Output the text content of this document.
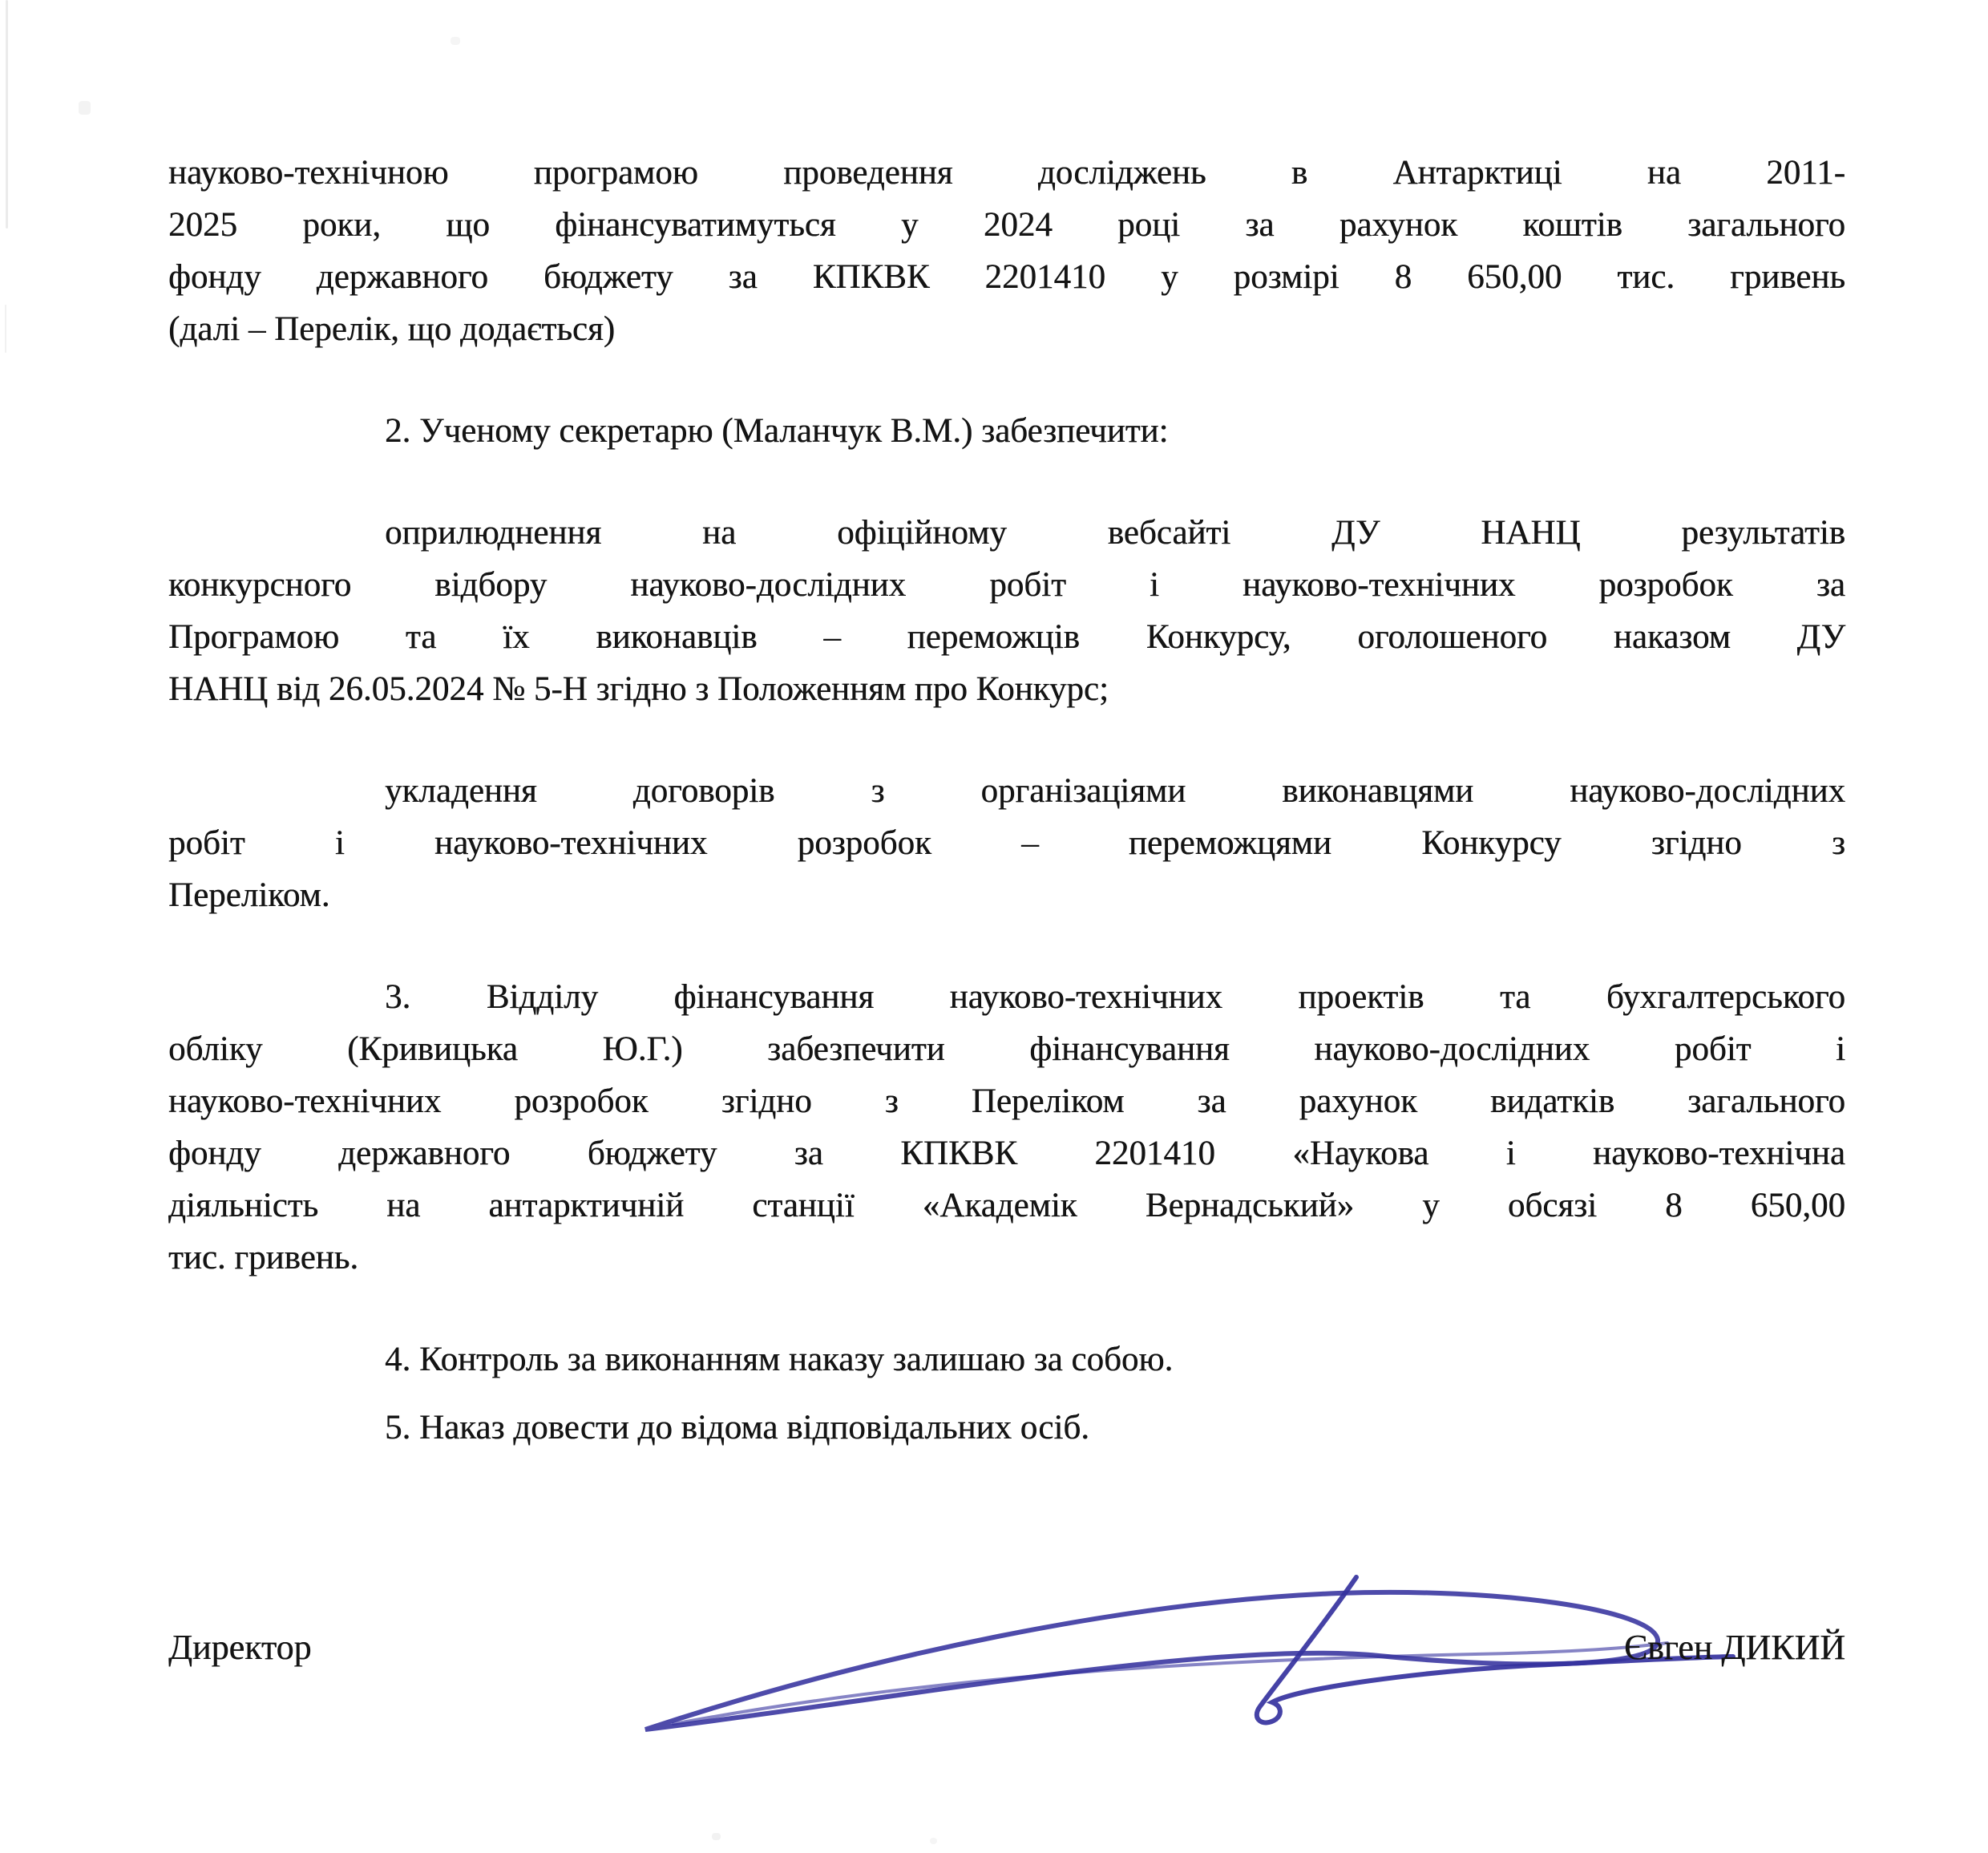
науково-технічною програмою проведення досліджень в Антарктиці на 2011-
2025 роки, що фінансуватимуться у 2024 році за рахунок коштів загального
фонду державного бюджету за КПКВК 2201410 у розмірі 8 650,00 тис. гривень
(далі – Перелік, що додається)
2. Ученому секретарю (Маланчук В.М.) забезпечити:
оприлюднення на офіційному вебсайті ДУ НАНЦ результатів
конкурсного відбору науково-дослідних робіт і науково-технічних розробок за
Програмою та їх виконавців – переможців Конкурсу, оголошеного наказом ДУ
НАНЦ від 26.05.2024 № 5-Н згідно з Положенням про Конкурс;
укладення договорів з організаціями виконавцями науково-дослідних
робіт і науково-технічних розробок – переможцями Конкурсу згідно з
Переліком.
3. Відділу фінансування науково-технічних проектів та бухгалтерського
обліку (Кривицька Ю.Г.) забезпечити фінансування науково-дослідних робіт і
науково-технічних розробок згідно з Переліком за рахунок видатків загального
фонду державного бюджету за КПКВК 2201410 «Наукова і науково-технічна
діяльність на антарктичній станції «Академік Вернадський» у обсязі 8 650,00
тис. гривень.
4. Контроль за виконанням наказу залишаю за собою.
5. Наказ довести до відома відповідальних осіб.
Директор	Євген ДИКИЙ
